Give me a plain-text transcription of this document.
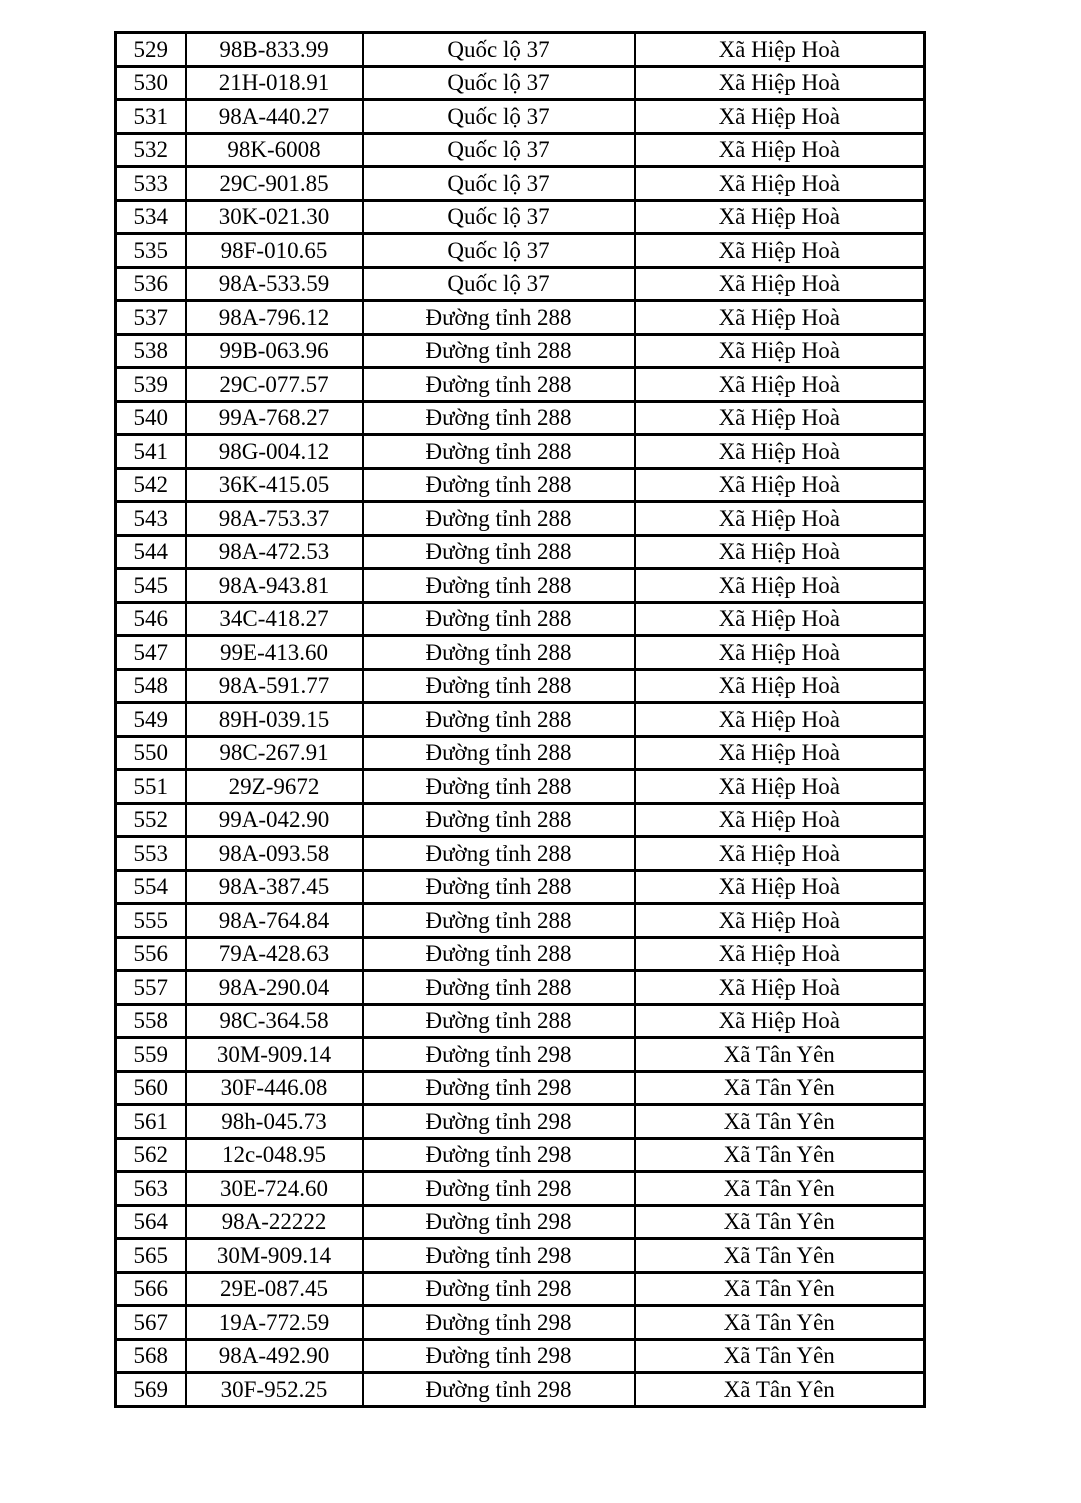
529	98B-833.99	Quốc lộ 37	Xã Hiệp Hoà
530	21H-018.91	Quốc lộ 37	Xã Hiệp Hoà
531	98A-440.27	Quốc lộ 37	Xã Hiệp Hoà
532	98K-6008	Quốc lộ 37	Xã Hiệp Hoà
533	29C-901.85	Quốc lộ 37	Xã Hiệp Hoà
534	30K-021.30	Quốc lộ 37	Xã Hiệp Hoà
535	98F-010.65	Quốc lộ 37	Xã Hiệp Hoà
536	98A-533.59	Quốc lộ 37	Xã Hiệp Hoà
537	98A-796.12	Đường tỉnh 288	Xã Hiệp Hoà
538	99B-063.96	Đường tỉnh 288	Xã Hiệp Hoà
539	29C-077.57	Đường tỉnh 288	Xã Hiệp Hoà
540	99A-768.27	Đường tỉnh 288	Xã Hiệp Hoà
541	98G-004.12	Đường tỉnh 288	Xã Hiệp Hoà
542	36K-415.05	Đường tỉnh 288	Xã Hiệp Hoà
543	98A-753.37	Đường tỉnh 288	Xã Hiệp Hoà
544	98A-472.53	Đường tỉnh 288	Xã Hiệp Hoà
545	98A-943.81	Đường tỉnh 288	Xã Hiệp Hoà
546	34C-418.27	Đường tỉnh 288	Xã Hiệp Hoà
547	99E-413.60	Đường tỉnh 288	Xã Hiệp Hoà
548	98A-591.77	Đường tỉnh 288	Xã Hiệp Hoà
549	89H-039.15	Đường tỉnh 288	Xã Hiệp Hoà
550	98C-267.91	Đường tỉnh 288	Xã Hiệp Hoà
551	29Z-9672	Đường tỉnh 288	Xã Hiệp Hoà
552	99A-042.90	Đường tỉnh 288	Xã Hiệp Hoà
553	98A-093.58	Đường tỉnh 288	Xã Hiệp Hoà
554	98A-387.45	Đường tỉnh 288	Xã Hiệp Hoà
555	98A-764.84	Đường tỉnh 288	Xã Hiệp Hoà
556	79A-428.63	Đường tỉnh 288	Xã Hiệp Hoà
557	98A-290.04	Đường tỉnh 288	Xã Hiệp Hoà
558	98C-364.58	Đường tỉnh 288	Xã Hiệp Hoà
559	30M-909.14	Đường tỉnh 298	Xã Tân Yên
560	30F-446.08	Đường tỉnh 298	Xã Tân Yên
561	98h-045.73	Đường tỉnh 298	Xã Tân Yên
562	12c-048.95	Đường tỉnh 298	Xã Tân Yên
563	30E-724.60	Đường tỉnh 298	Xã Tân Yên
564	98A-22222	Đường tỉnh 298	Xã Tân Yên
565	30M-909.14	Đường tỉnh 298	Xã Tân Yên
566	29E-087.45	Đường tỉnh 298	Xã Tân Yên
567	19A-772.59	Đường tỉnh 298	Xã Tân Yên
568	98A-492.90	Đường tỉnh 298	Xã Tân Yên
569	30F-952.25	Đường tỉnh 298	Xã Tân Yên
